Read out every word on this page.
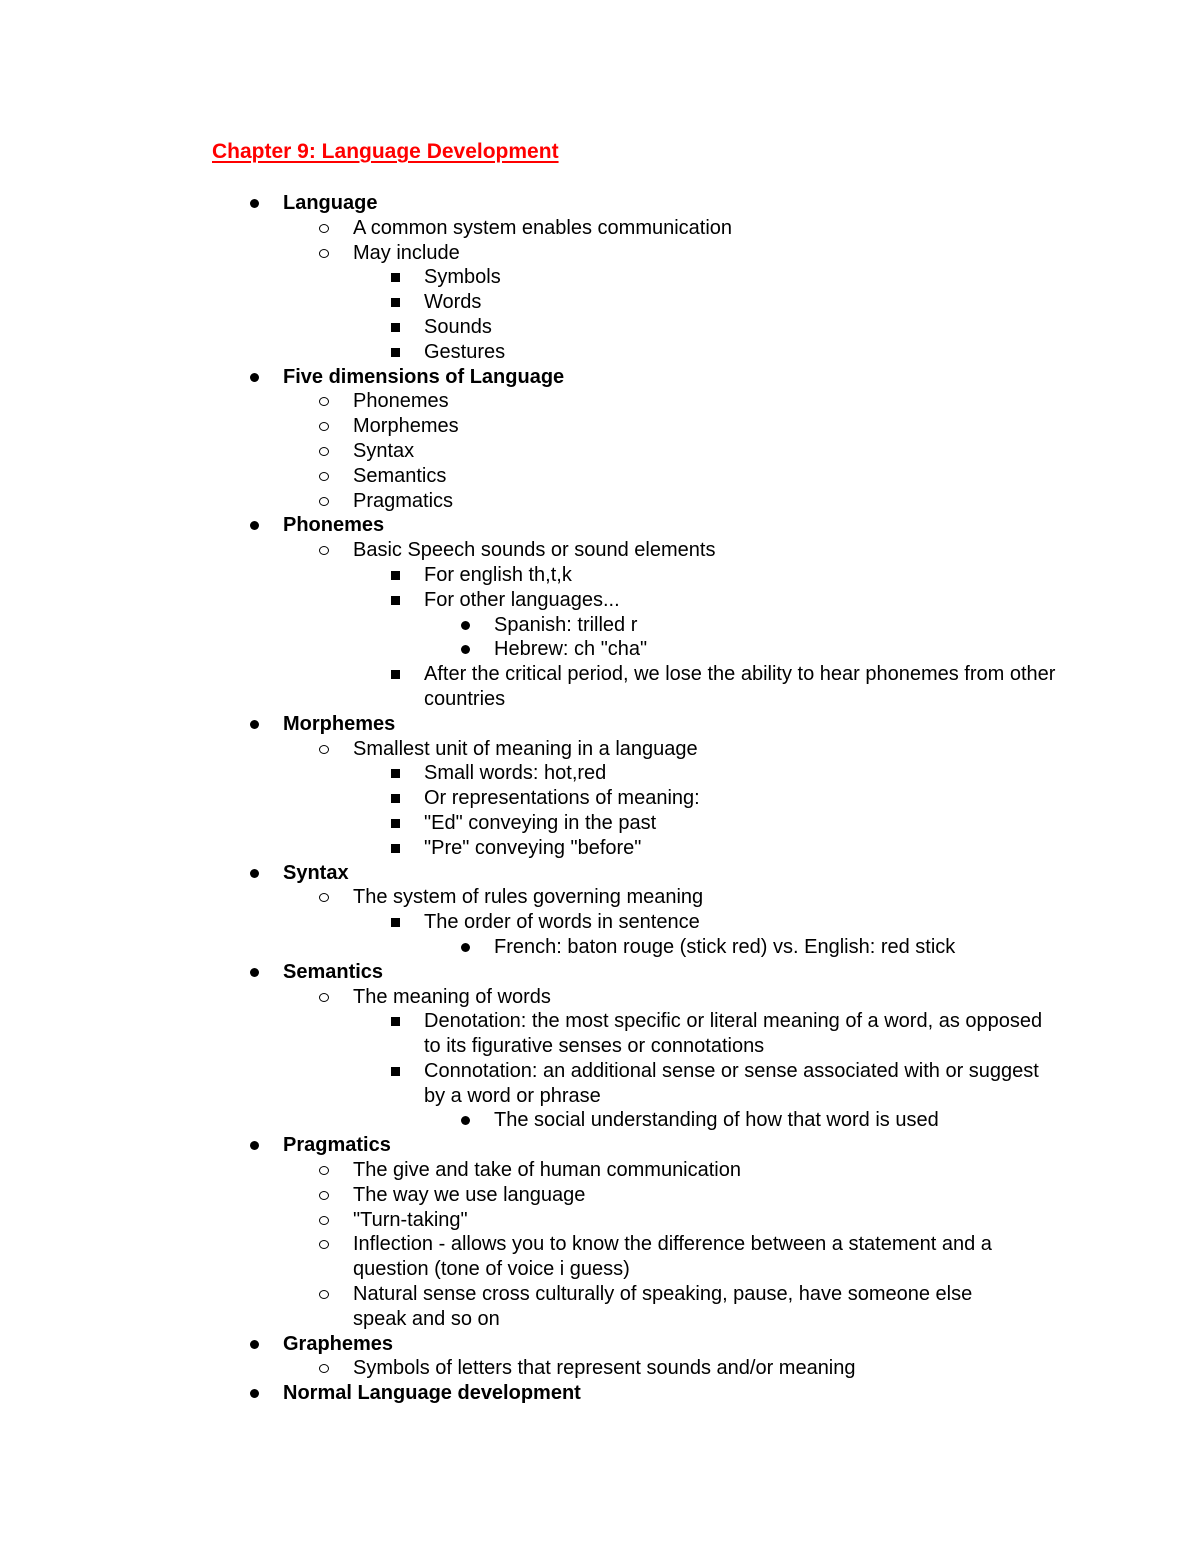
Chapter 9: Language Development
Language
A common system enables communication
May include
Symbols
Words
Sounds
Gestures
Five dimensions of Language
Phonemes
Morphemes
Syntax
Semantics
Pragmatics
Phonemes
Basic Speech sounds or sound elements
For english th,t,k
For other languages...
Spanish: trilled r
Hebrew: ch "cha"
After the critical period, we lose the ability to hear phonemes from other countries
Morphemes
Smallest unit of meaning in a language
Small words: hot,red
Or representations of meaning:
"Ed" conveying in the past
"Pre" conveying "before"
Syntax
The system of rules governing meaning
The order of words in sentence
French: baton rouge (stick red) vs. English: red stick
Semantics
The meaning of words
Denotation: the most specific or literal meaning of a word, as opposed to its figurative senses or connotations
Connotation: an additional sense or sense associated with or suggest by a word or phrase
The social understanding of how that word is used
Pragmatics
The give and take of human communication
The way we use language
"Turn-taking"
Inflection - allows you to know the difference between a statement and a question (tone of voice i guess)
Natural sense cross culturally of speaking, pause, have someone else speak and so on
Graphemes
Symbols of letters that represent sounds and/or meaning
Normal Language development
